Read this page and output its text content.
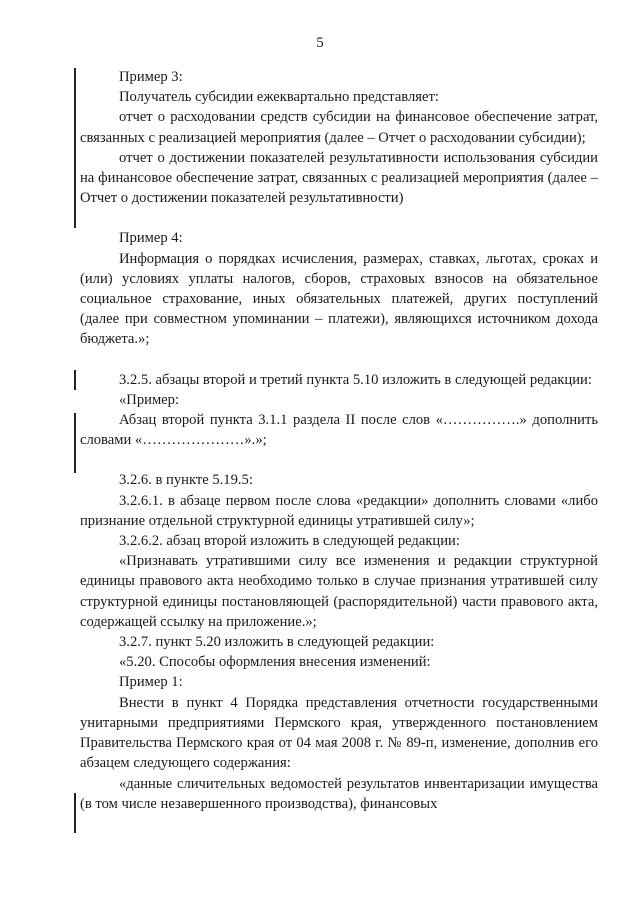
5

Пример 3:

Получатель субсидии ежеквартально представляет:

отчет о расходовании средств субсидии на финансовое обеспечение затрат, связанных с реализацией мероприятия (далее – Отчет о расходовании субсидии);

отчет о достижении показателей результативности использования субсидии на финансовое обеспечение затрат, связанных с реализацией мероприятия (далее – Отчет о достижении показателей результативности)

Пример 4:

Информация о порядках исчисления, размерах, ставках, льготах, сроках и (или) условиях уплаты налогов, сборов, страховых взносов на обязательное социальное страхование, иных обязательных платежей, других поступлений (далее при совместном упоминании – платежи), являющихся источником дохода бюджета.»;

3.2.5. абзацы второй и третий пункта 5.10 изложить в следующей редакции:

«Пример:

Абзац второй пункта 3.1.1 раздела II после слов «…………….» дополнить словами «…………………».»;

3.2.6. в пункте 5.19.5:

3.2.6.1. в абзаце первом после слова «редакции» дополнить словами «либо признание отдельной структурной единицы утратившей силу»;

3.2.6.2. абзац второй изложить в следующей редакции:

«Признавать утратившими силу все изменения и редакции структурной единицы правового акта необходимо только в случае признания утратившей силу структурной единицы постановляющей (распорядительной) части правового акта, содержащей ссылку на приложение.»;

3.2.7. пункт 5.20 изложить в следующей редакции:

«5.20. Способы оформления внесения изменений:

Пример 1:

Внести в пункт 4 Порядка представления отчетности государственными унитарными предприятиями Пермского края, утвержденного постановлением Правительства Пермского края от 04 мая 2008 г. № 89-п, изменение, дополнив его абзацем следующего содержания:

«данные сличительных ведомостей результатов инвентаризации имущества (в том числе незавершенного производства), финансовых
